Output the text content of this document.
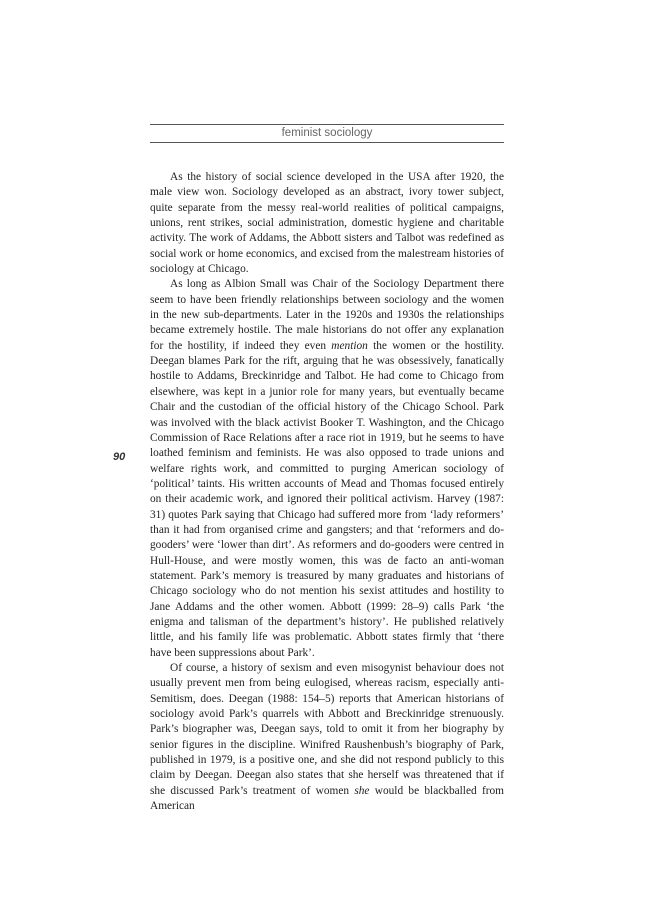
feminist sociology
90

As the history of social science developed in the USA after 1920, the male view won. Sociology developed as an abstract, ivory tower subject, quite separate from the messy real-world realities of political campaigns, unions, rent strikes, social administration, domestic hygiene and charitable activity. The work of Addams, the Abbott sisters and Talbot was redefined as social work or home economics, and excised from the malestream histories of sociology at Chicago.

As long as Albion Small was Chair of the Sociology Department there seem to have been friendly relationships between sociology and the women in the new sub-departments. Later in the 1920s and 1930s the relationships became extremely hostile. The male historians do not offer any explanation for the hostility, if indeed they even mention the women or the hostility. Deegan blames Park for the rift, arguing that he was obsessively, fanatically hostile to Addams, Breckinridge and Talbot. He had come to Chicago from elsewhere, was kept in a junior role for many years, but eventually became Chair and the custodian of the official history of the Chicago School. Park was involved with the black activist Booker T. Washington, and the Chicago Commission of Race Relations after a race riot in 1919, but he seems to have loathed feminism and feminists. He was also opposed to trade unions and welfare rights work, and committed to purging American sociology of ‘political’ taints. His written accounts of Mead and Thomas focused entirely on their academic work, and ignored their political activism. Harvey (1987: 31) quotes Park saying that Chicago had suffered more from ‘lady reformers’ than it had from organised crime and gangsters; and that ‘reformers and do-gooders’ were ‘lower than dirt’. As reformers and do-gooders were centred in Hull-House, and were mostly women, this was de facto an anti-woman statement. Park’s memory is treasured by many graduates and historians of Chicago sociology who do not mention his sexist attitudes and hostility to Jane Addams and the other women. Abbott (1999: 28–9) calls Park ‘the enigma and talisman of the department’s history’. He published relatively little, and his family life was problematic. Abbott states firmly that ‘there have been suppressions about Park’.

Of course, a history of sexism and even misogynist behaviour does not usually prevent men from being eulogised, whereas racism, especially anti-Semitism, does. Deegan (1988: 154–5) reports that American historians of sociology avoid Park’s quarrels with Abbott and Breckinridge strenuously. Park’s biographer was, Deegan says, told to omit it from her biography by senior figures in the discipline. Winifred Raushenbush’s biography of Park, published in 1979, is a positive one, and she did not respond publicly to this claim by Deegan. Deegan also states that she herself was threatened that if she discussed Park’s treatment of women she would be blackballed from American
